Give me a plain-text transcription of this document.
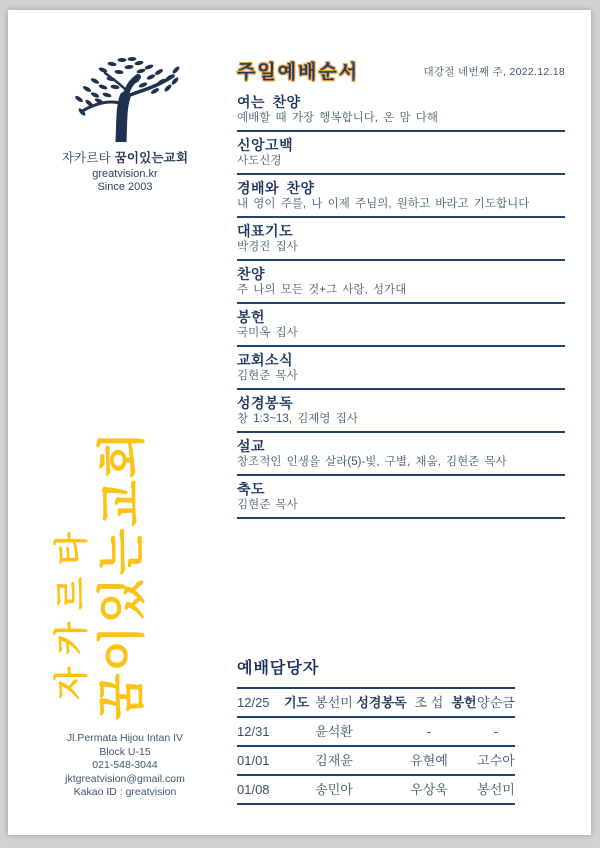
자카르타 꿈이있는교회
greatvision.kr
Since 2003
자카르타 꿈이있는교회
Jl.Permata Hijou Intan IV
Block U-15
021-548-3044
jktgreatvision@gmail.com
Kakao ID : greatvision
주일예배순서	대강절 네번째 주, 2022.12.18
여는 찬양

예배할 때 가장 행복합니다, 온 맘 다해

신앙고백

사도신경

경배와 찬양

내 영이 주를, 나 이제 주님의, 원하고 바라고 기도합니다

대표기도

박경진 집사

찬양

주 나의 모든 것+그 사랑, 성가대

봉헌

국미옥 집사

교회소식

김현준 목사

성경봉독

창 1:3~13, 김제영 집사

설교

창조적인 인생을 살라(5)-빛, 구별, 채움, 김현준 목사

축도

김현준 목사

예배담당자
12/25	기도	봉선미	성경봉독	조 섭	봉헌	양순금
12/31		윤석환		-		-
01/01		김재윤		유현예		고수아
01/08		송민아		우상욱		봉선미
